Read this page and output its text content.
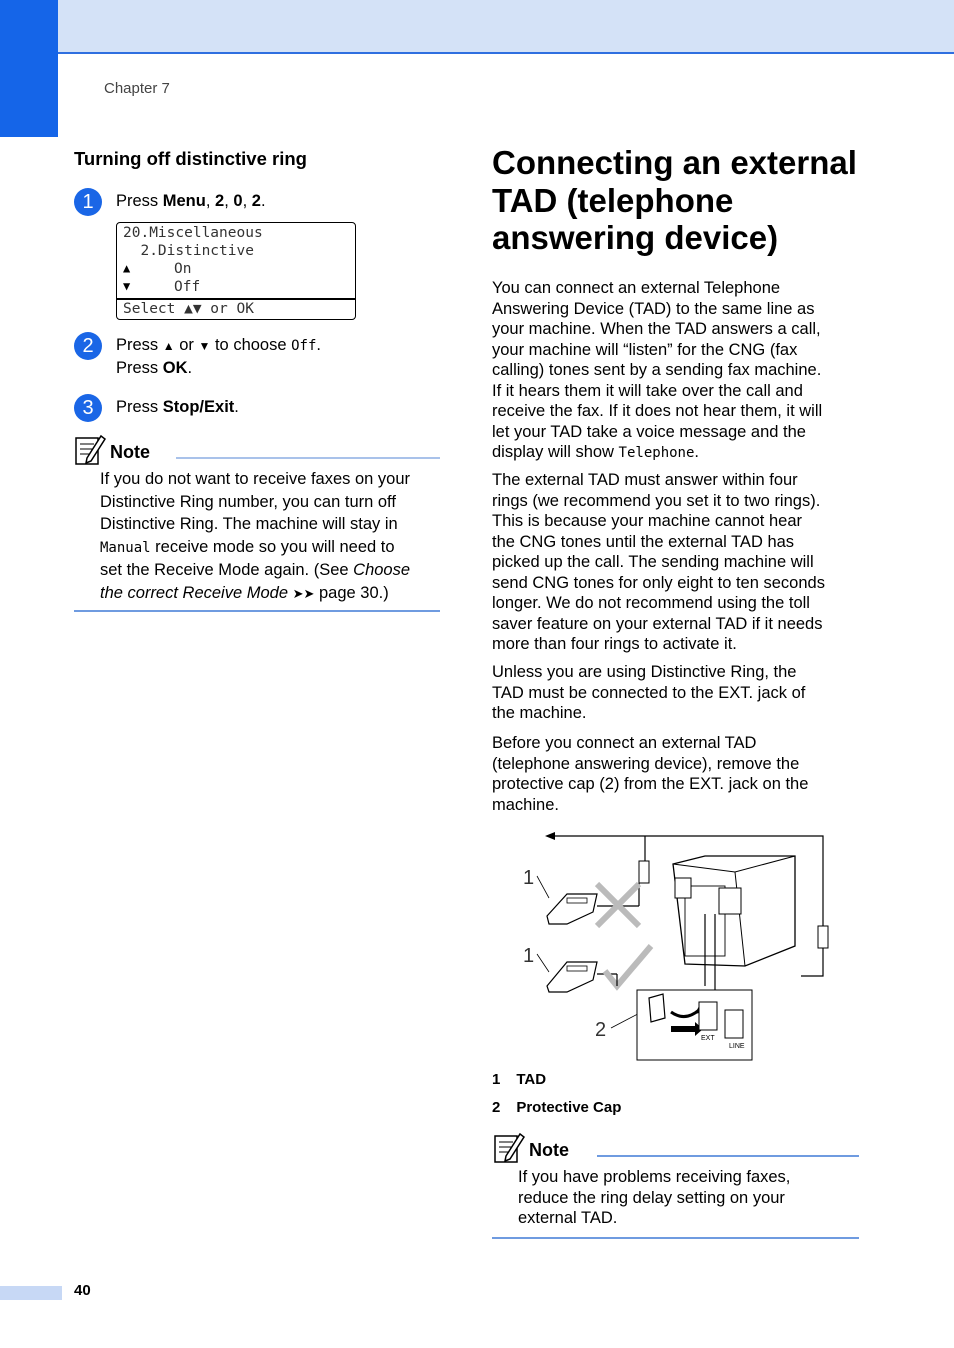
Chapter 7
Turning off distinctive ring
1	Press Menu, 2, 0, 2.
20.Miscellaneous
2.Distinctive
▲	On
▼	Off
Select ▲▼ or OK
2	Press ▲ or ▼ to choose Off.
Press OK.
3	Press Stop/Exit.
Note
If you do not want to receive faxes on your
Distinctive Ring number, you can turn off
Distinctive Ring. The machine will stay in
Manual receive mode so you will need to
set the Receive Mode again. (See Choose
the correct Receive Mode ➤➤ page 30.)
Connecting an external
TAD (telephone
answering device)
You can connect an external Telephone
Answering Device (TAD) to the same line as
your machine. When the TAD answers a call,
your machine will “listen” for the CNG (fax
calling) tones sent by a sending fax machine.
If it hears them it will take over the call and
receive the fax. If it does not hear them, it will
let your TAD take a voice message and the
display will show Telephone.
The external TAD must answer within four
rings (we recommend you set it to two rings).
This is because your machine cannot hear
the CNG tones until the external TAD has
picked up the call. The sending machine will
send CNG tones for only eight to ten seconds
longer. We do not recommend using the toll
saver feature on your external TAD if it needs
more than four rings to activate it.
Unless you are using Distinctive Ring, the
TAD must be connected to the EXT. jack of
the machine.
Before you connect an external TAD
(telephone answering device), remove the
protective cap (2) from the EXT. jack on the
machine.
1
1
2	EXT
LINE
1 TAD
2 Protective Cap
Note
If you have problems receiving faxes,
reduce the ring delay setting on your
external TAD.
40
